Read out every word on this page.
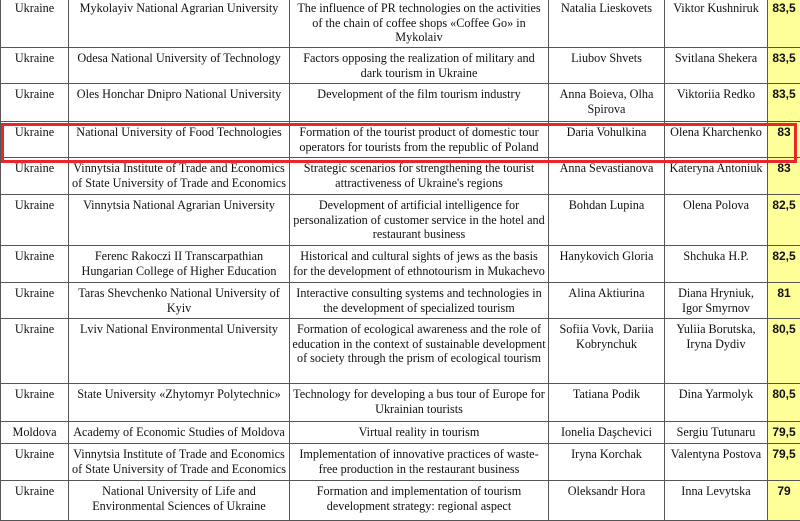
Ukraine	Mykolayiv National Agrarian University	The influence of PR technologies on the activities of the chain of coffee shops «Coffee Go» in Mykolaiv	Natalia Lieskovets	Viktor Kushniruk	83,5
Ukraine	Odesa National University of Technology	Factors opposing the realization of military and dark tourism in Ukraine	Liubov Shvets	Svitlana Shekera	83,5
Ukraine	Oles Honchar Dnipro National University	Development of the film tourism industry	Anna Boieva, Olha Spirova	Viktoriia Redko	83,5
Ukraine	National University of Food Technologies	Formation of the tourist product of domestic tour operators for tourists from the republic of Poland	Daria Vohulkina	Olena Kharchenko	83
Ukraine	Vinnytsia Institute of Trade and Economics of State University of Trade and Economics	Strategic scenarios for strengthening the tourist attractiveness of Ukraine's regions	Anna Sevastianova	Kateryna Antoniuk	83
Ukraine	Vinnytsia National Agrarian University	Development of artificial intelligence for personalization of customer service in the hotel and restaurant business	Bohdan Lupina	Olena Polova	82,5
Ukraine	Ferenc Rakoczi II Transcarpathian Hungarian College of Higher Education	Historical and cultural sights of jews as the basis for the development of ethnotourism in Mukachevo	Hanykovich Gloria	Shchuka H.P.	82,5
Ukraine	Taras Shevchenko National University of Kyiv	Interactive consulting systems and technologies in the development of specialized tourism	Alina Aktiurina	Diana Hryniuk, Igor Smyrnov	81
Ukraine	Lviv National Environmental University	Formation of ecological awareness and the role of education in the context of sustainable development of society through the prism of ecological tourism	Sofiia Vovk, Dariia Kobrynchuk	Yuliia Borutska, Iryna Dydiv	80,5
Ukraine	State University «Zhytomyr Polytechnic»	Technology for developing a bus tour of Europe for Ukrainian tourists	Tatiana Podik	Dina Yarmolyk	80,5
Moldova	Academy of Economic Studies of Moldova	Virtual reality in tourism	Ionelia Daşchevici	Sergiu Tutunaru	79,5
Ukraine	Vinnytsia Institute of Trade and Economics of State University of Trade and Economics	Implementation of innovative practices of waste-free production in the restaurant business	Iryna Korchak	Valentyna Postova	79,5
Ukraine	National University of Life and Environmental Sciences of Ukraine	Formation and implementation of tourism development strategy: regional aspect	Oleksandr Hora	Inna Levytska	79
